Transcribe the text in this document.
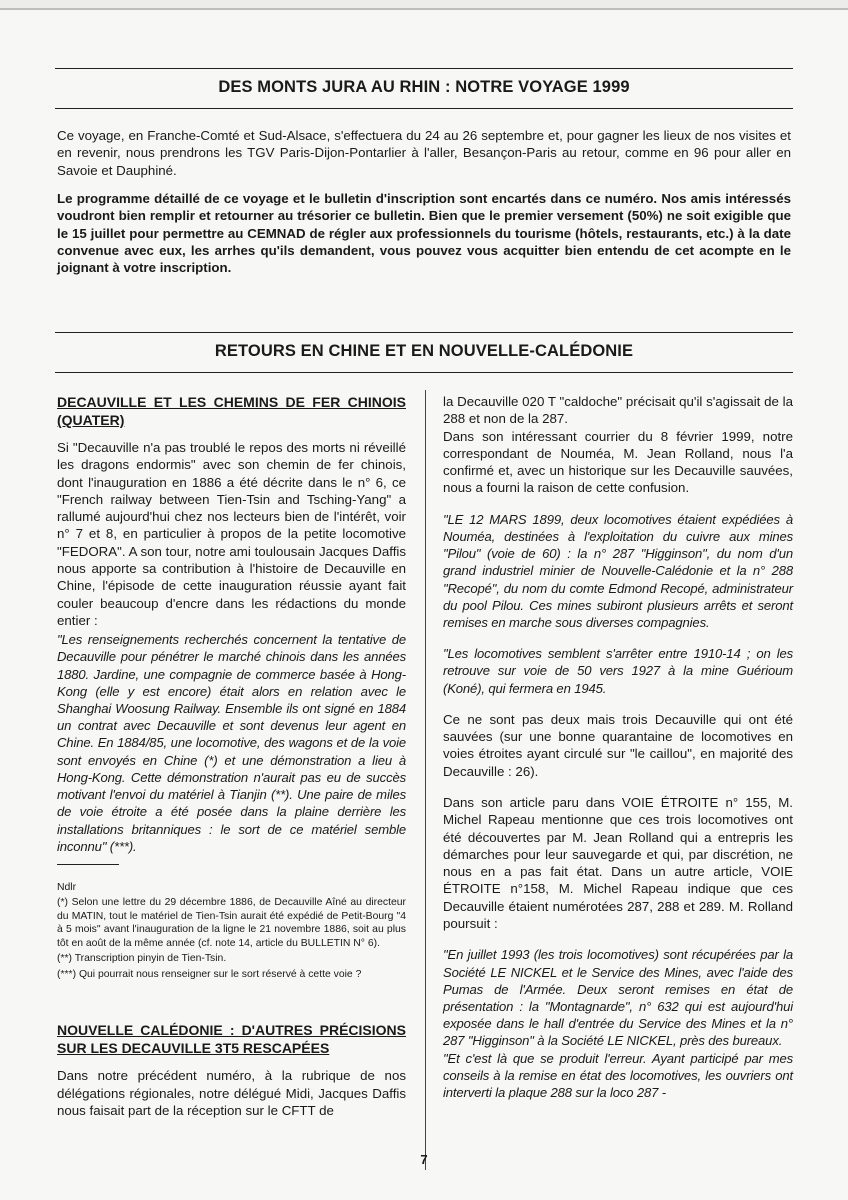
DES MONTS JURA AU RHIN : NOTRE VOYAGE 1999

Ce voyage, en Franche-Comté et Sud-Alsace, s'effectuera du 24 au 26 septembre et, pour gagner les lieux de nos visites et en revenir, nous prendrons les TGV Paris-Dijon-Pontarlier à l'aller, Besançon-Paris au retour, comme en 96 pour aller en Savoie et Dauphiné.

Le programme détaillé de ce voyage et le bulletin d'inscription sont encartés dans ce numéro. Nos amis intéressés voudront bien remplir et retourner au trésorier ce bulletin. Bien que le premier versement (50%) ne soit exigible que le 15 juillet pour permettre au CEMNAD de régler aux professionnels du tourisme (hôtels, restaurants, etc.) à la date convenue avec eux, les arrhes qu'ils demandent, vous pouvez vous acquitter bien entendu de cet acompte en le joignant à votre inscription.

RETOURS EN CHINE ET EN NOUVELLE-CALÉDONIE

DECAUVILLE ET LES CHEMINS DE FER CHINOIS (QUATER)

Si "Decauville n'a pas troublé le repos des morts ni réveillé les dragons endormis" avec son chemin de fer chinois, dont l'inauguration en 1886 a été décrite dans le n° 6, ce "French railway between Tien-Tsin and Tsching-Yang" a rallumé aujourd'hui chez nos lecteurs bien de l'intérêt, voir n° 7 et 8, en particulier à propos de la petite locomotive "FEDORA". A son tour, notre ami toulousain Jacques Daffis nous apporte sa contribution à l'histoire de Decauville en Chine, l'épisode de cette inauguration réussie ayant fait couler beaucoup d'encre dans les rédactions du monde entier :

"Les renseignements recherchés concernent la tentative de Decauville pour pénétrer le marché chinois dans les années 1880. Jardine, une compagnie de commerce basée à Hong-Kong (elle y est encore) était alors en relation avec le Shanghai Woosung Railway. Ensemble ils ont signé en 1884 un contrat avec Decauville et sont devenus leur agent en Chine. En 1884/85, une locomotive, des wagons et de la voie sont envoyés en Chine (*) et une démonstration a lieu à Hong-Kong. Cette démonstration n'aurait pas eu de succès motivant l'envoi du matériel à Tianjin (**). Une paire de miles de voie étroite a été posée dans la plaine derrière les installations britanniques : le sort de ce matériel semble inconnu" (***).

Ndlr
(*) Selon une lettre du 29 décembre 1886, de Decauville Aîné au directeur du MATIN, tout le matériel de Tien-Tsin aurait été expédié de Petit-Bourg "4 à 5 mois" avant l'inauguration de la ligne le 21 novembre 1886, soit au plus tôt en août de la même année (cf. note 14, article du BULLETIN N° 6).
(**) Transcription pinyin de Tien-Tsin.
(***) Qui pourrait nous renseigner sur le sort réservé à cette voie ?

NOUVELLE CALÉDONIE : D'AUTRES PRÉCISIONS SUR LES DECAUVILLE 3T5 RESCAPÉES

Dans notre précédent numéro, à la rubrique de nos délégations régionales, notre délégué Midi, Jacques Daffis nous faisait part de la réception sur le CFTT de

la Decauville 020 T "caldoche" précisait qu'il s'agissait de la 288 et non de la 287.

Dans son intéressant courrier du 8 février 1999, notre correspondant de Nouméa, M. Jean Rolland, nous l'a confirmé et, avec un historique sur les Decauville sauvées, nous a fourni la raison de cette confusion.

"LE 12 MARS 1899, deux locomotives étaient expédiées à Nouméa, destinées à l'exploitation du cuivre aux mines "Pilou" (voie de 60) : la n° 287 "Higginson", du nom d'un grand industriel minier de Nouvelle-Calédonie et la n° 288 "Recopé", du nom du comte Edmond Recopé, administrateur du pool Pilou. Ces mines subiront plusieurs arrêts et seront remises en marche sous diverses compagnies.

"Les locomotives semblent s'arrêter entre 1910-14 ; on les retrouve sur voie de 50 vers 1927 à la mine Guérioum (Koné), qui fermera en 1945.

Ce ne sont pas deux mais trois Decauville qui ont été sauvées (sur une bonne quarantaine de locomotives en voies étroites ayant circulé sur "le caillou", en majorité des Decauville : 26).

Dans son article paru dans VOIE ÉTROITE n° 155, M. Michel Rapeau mentionne que ces trois locomotives ont été découvertes par M. Jean Rolland qui a entrepris les démarches pour leur sauvegarde et qui, par discrétion, ne nous en a pas fait état. Dans un autre article, VOIE ÉTROITE n°158, M. Michel Rapeau indique que ces Decauville étaient numérotées 287, 288 et 289. M. Rolland poursuit :

"En juillet 1993 (les trois locomotives) sont récupérées par la Société LE NICKEL et le Service des Mines, avec l'aide des Pumas de l'Armée. Deux seront remises en état de présentation : la "Montagnarde", n° 632 qui est aujourd'hui exposée dans le hall d'entrée du Service des Mines et la n° 287 "Higginson" à la Société LE NICKEL, près des bureaux.

"Et c'est là que se produit l'erreur. Ayant participé par mes conseils à la remise en état des locomotives, les ouvriers ont interverti la plaque 288 sur la loco 287 -

7
